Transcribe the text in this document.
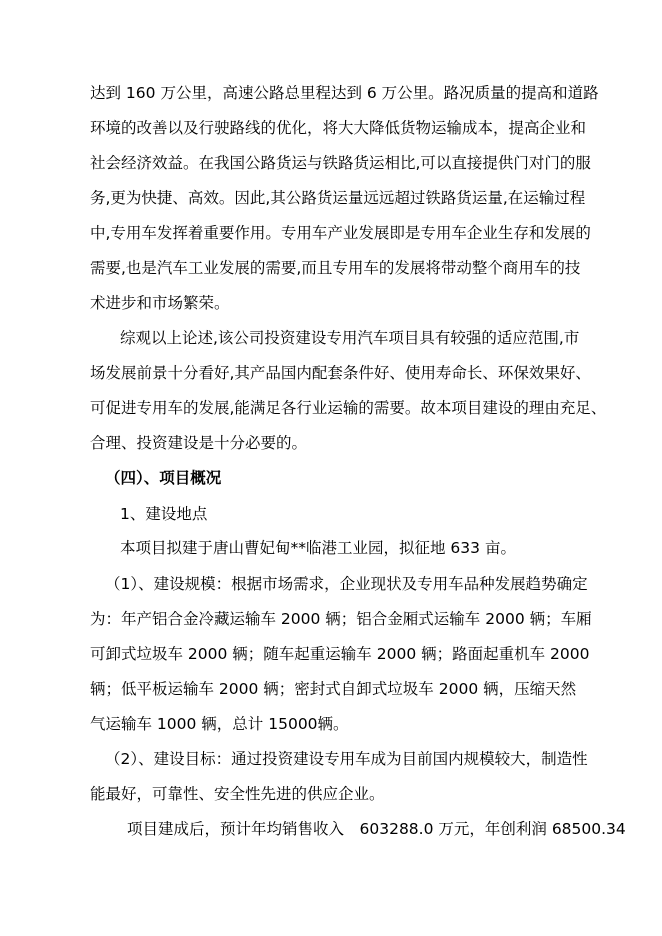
达到 160 万公里，高速公路总里程达到 6 万公里。路况质量的提高和道路
环境的改善以及行驶路线的优化，将大大降低货物运输成本，提高企业和
社会经济效益。在我国公路货运与铁路货运相比,可以直接提供门对门的服
务,更为快捷、高效。因此,其公路货运量远远超过铁路货运量,在运输过程
中,专用车发挥着重要作用。专用车产业发展即是专用车企业生存和发展的
需要,也是汽车工业发展的需要,而且专用车的发展将带动整个商用车的技
术进步和市场繁荣。
综观以上论述,该公司投资建设专用汽车项目具有较强的适应范围,市
场发展前景十分看好,其产品国内配套条件好、使用寿命长、环保效果好、
可促进专用车的发展,能满足各行业运输的需要。故本项目建设的理由充足、
合理、投资建设是十分必要的。
（四）、项目概况
1、建设地点
本项目拟建于唐山曹妃甸**临港工业园，拟征地 633 亩。
（1）、建设规模：根据市场需求，企业现状及专用车品种发展趋势确定
为：年产铝合金冷藏运输车 2000 辆；铝合金厢式运输车 2000 辆；车厢
可卸式垃圾车 2000 辆；随车起重运输车 2000 辆；路面起重机车 2000
辆；低平板运输车 2000 辆；密封式自卸式垃圾车 2000 辆，压缩天然
气运输车 1000 辆，总计 15000辆。
（2）、建设目标：通过投资建设专用车成为目前国内规模较大，制造性
能最好，可靠性、安全性先进的供应企业。
项目建成后，预计年均销售收入　603288.0 万元，年创利润 68500.34
